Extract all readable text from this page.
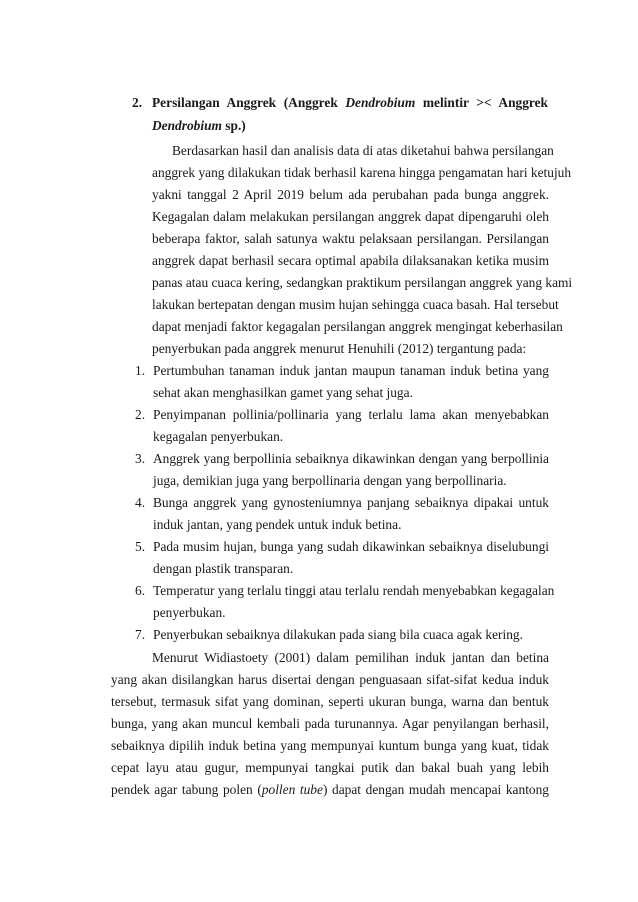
2. Persilangan Anggrek (Anggrek Dendrobium melintir >< Anggrek
Dendrobium sp.)
Berdasarkan hasil dan analisis data di atas diketahui bahwa persilangan
anggrek yang dilakukan tidak berhasil karena hingga pengamatan hari ketujuh
yakni tanggal 2 April 2019 belum ada perubahan pada bunga anggrek.
Kegagalan dalam melakukan persilangan anggrek dapat dipengaruhi oleh
beberapa faktor, salah satunya waktu pelaksaan persilangan. Persilangan
anggrek dapat berhasil secara optimal apabila dilaksanakan ketika musim
panas atau cuaca kering, sedangkan praktikum persilangan anggrek yang kami
lakukan bertepatan dengan musim hujan sehingga cuaca basah. Hal tersebut
dapat menjadi faktor kegagalan persilangan anggrek mengingat keberhasilan
penyerbukan pada anggrek menurut Henuhili (2012) tergantung pada:
1. Pertumbuhan tanaman induk jantan maupun tanaman induk betina yang
sehat akan menghasilkan gamet yang sehat juga.
2. Penyimpanan pollinia/pollinaria yang terlalu lama akan menyebabkan
kegagalan penyerbukan.
3. Anggrek yang berpollinia sebaiknya dikawinkan dengan yang berpollinia
juga, demikian juga yang berpollinaria dengan yang berpollinaria.
4. Bunga anggrek yang gynosteniumnya panjang sebaiknya dipakai untuk
induk jantan, yang pendek untuk induk betina.
5. Pada musim hujan, bunga yang sudah dikawinkan sebaiknya diselubungi
dengan plastik transparan.
6. Temperatur yang terlalu tinggi atau terlalu rendah menyebabkan kegagalan
penyerbukan.
7. Penyerbukan sebaiknya dilakukan pada siang bila cuaca agak kering.
Menurut Widiastoety (2001) dalam pemilihan induk jantan dan betina
yang akan disilangkan harus disertai dengan penguasaan sifat-sifat kedua induk
tersebut, termasuk sifat yang dominan, seperti ukuran bunga, warna dan bentuk
bunga, yang akan muncul kembali pada turunannya. Agar penyilangan berhasil,
sebaiknya dipilih induk betina yang mempunyai kuntum bunga yang kuat, tidak
cepat layu atau gugur, mempunyai tangkai putik dan bakal buah yang lebih
pendek agar tabung polen (pollen tube) dapat dengan mudah mencapai kantong
